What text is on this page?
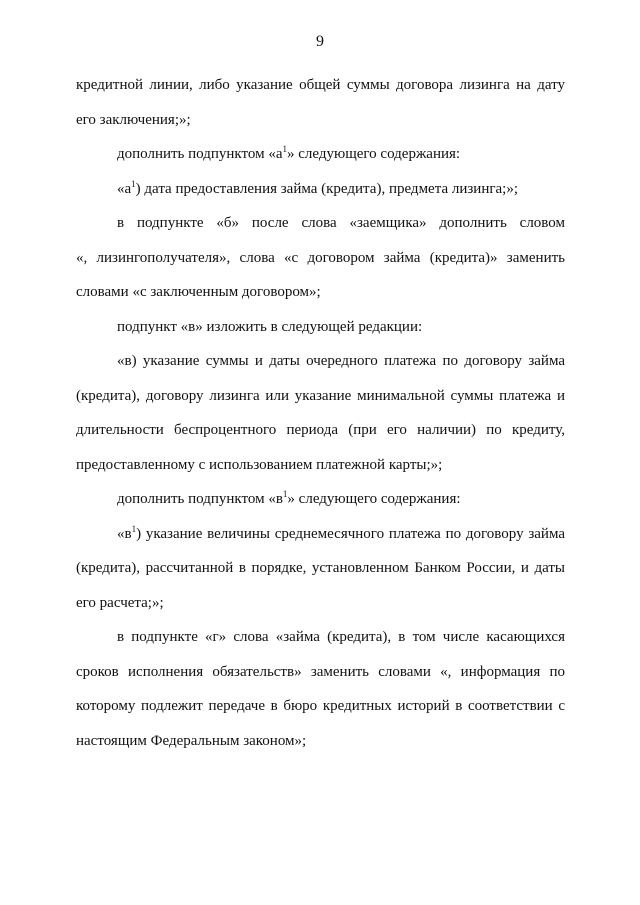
9

кредитной линии, либо указание общей суммы договора лизинга на дату
его заключения;»;

дополнить подпунктом «$а^1$» следующего содержания:

«$а^1$) дата предоставления займа (кредита), предмета лизинга;»;

в подпункте «б» после слова «заемщика» дополнить словом
«, лизингополучателя», слова «с договором займа (кредита)» заменить
словами «с заключенным договором»;

подпункт «в» изложить в следующей редакции:

«в) указание суммы и даты очередного платежа по договору займа
(кредита), договору лизинга или указание минимальной суммы платежа и
длительности беспроцентного периода (при его наличии) по кредиту,
предоставленному с использованием платежной карты;»;

дополнить подпунктом «$в^1$» следующего содержания:

«$в^1$) указание величины среднемесячного платежа по договору займа
(кредита), рассчитанной в порядке, установленном Банком России, и даты
его расчета;»;

в подпункте «г» слова «займа (кредита), в том числе касающихся
сроков исполнения обязательств» заменить словами «, информация по
которому подлежит передаче в бюро кредитных историй в соответствии с
настоящим Федеральным законом»;
